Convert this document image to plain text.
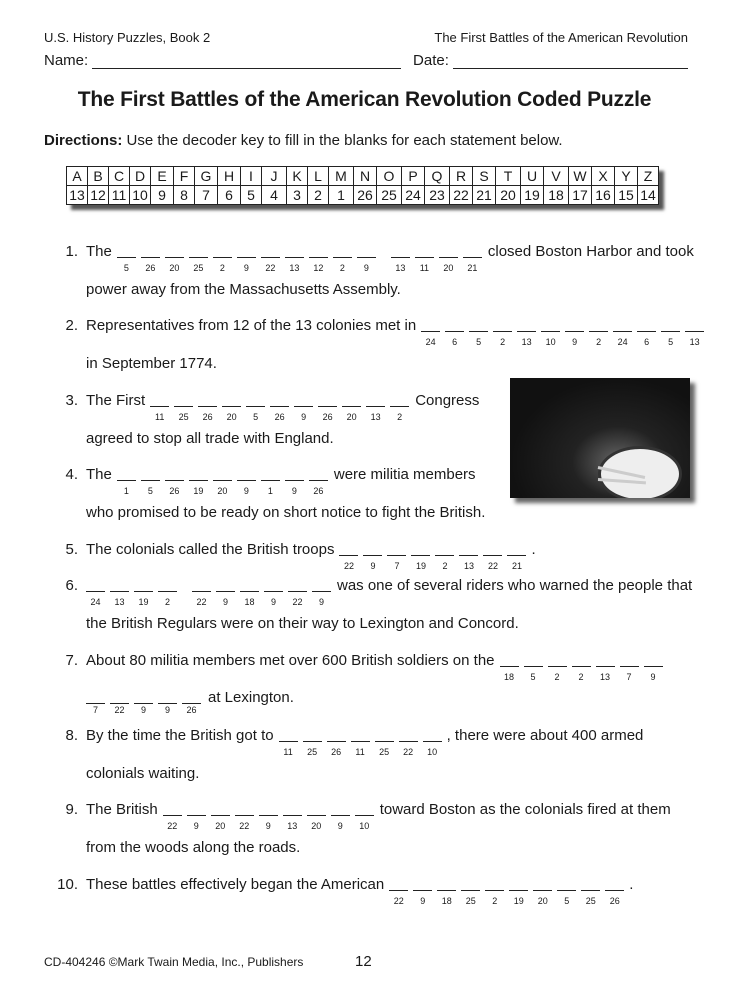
U.S. History Puzzles, Book 2	The First Battles of the American Revolution
Name:	Date:
The First Battles of the American Revolution Coded Puzzle
Directions: Use the decoder key to fill in the blanks for each statement below.
A	B	C	D	E	F	G	H	I	J	K	L	M	N	O	P	Q	R	S	T	U	V	W	X	Y	Z
13	12	11	10	9	8	7	6	5	4	3	2	1	26	25	24	23	22	21	20	19	18	17	16	15	14
1. The
5	26	20	25	2	9	22	13	12	2	9	13	11	20	21
closed Boston Harbor and took
power away from the Massachusetts Assembly.
2. Representatives from 12 of the 13 colonies met in
24	6	5	2	13	10	9	2	24	6	5	13
in September 1774.
3. The First
11	25	26	20	5	26	9	26	20	13	2
Congress
agreed to stop all trade with England.
4. The
1	5	26	19	20	9	1	9	26
were militia members
who promised to be ready on short notice to fight the British.
5. The colonials called the British troops
22	9	7	19	2	13	22	21
.
6.
24	13	19	2	22	9	18	9	22	9
was one of several riders who warned the people that
the British Regulars were on their way to Lexington and Concord.
7. About 80 militia members met over 600 British soldiers on the
18	5	2	2	13	7	9
7	22	9	9	26
at Lexington.
8. By the time the British got to
11	25	26	11	25	22	10
, there were about 400 armed
colonials waiting.
9. The British
22	9	20	22	9	13	20	9	10
toward Boston as the colonials fired at them
from the woods along the roads.
10. These battles effectively began the American
22	9	18	25	2	19	20	5	25	26
.
CD-404246 ©Mark Twain Media, Inc., Publishers	12
